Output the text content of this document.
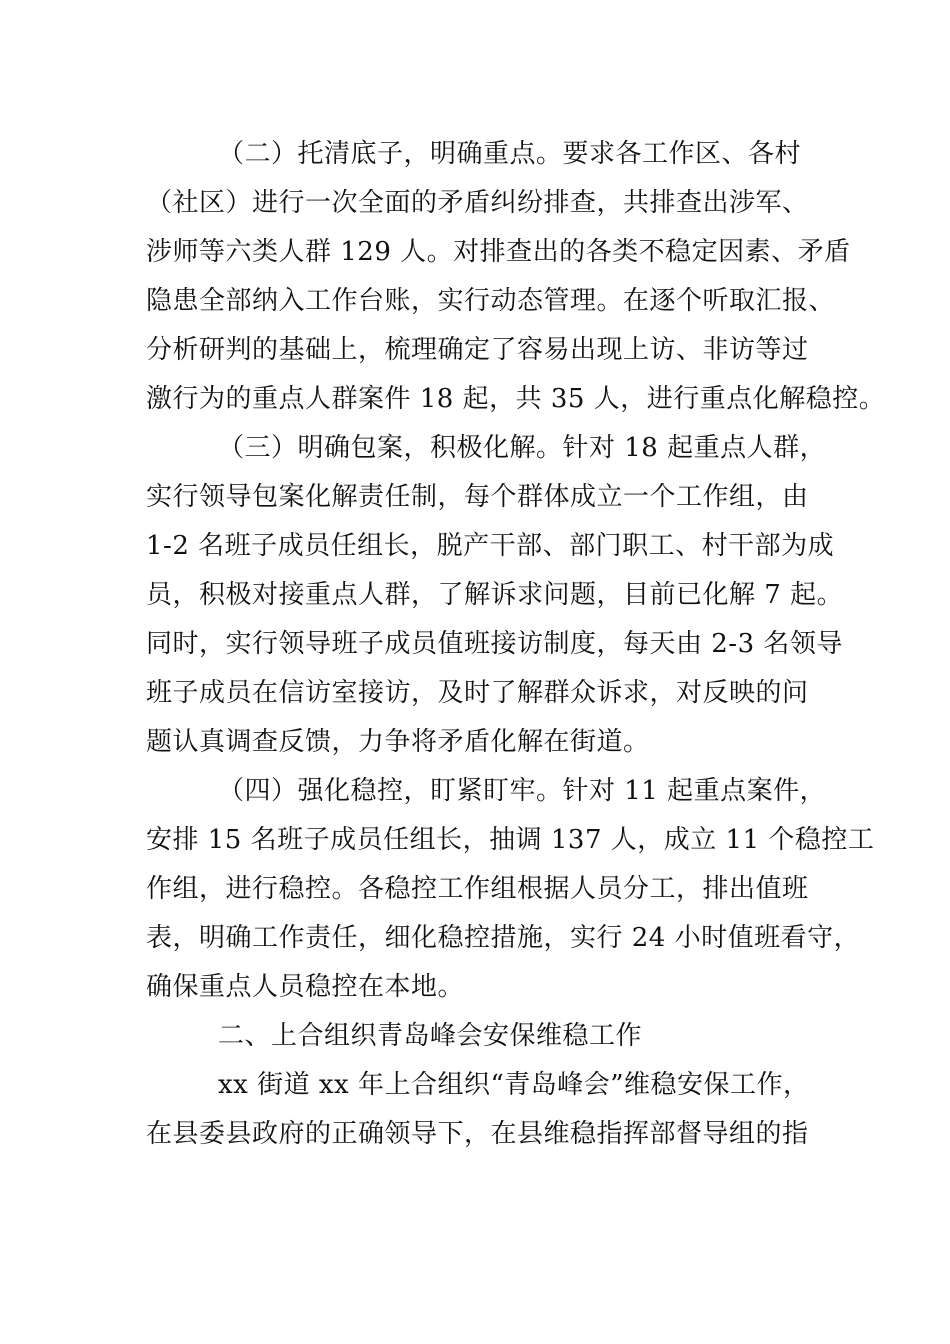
（二）托清底子，明确重点。要求各工作区、各村
（社区）进行一次全面的矛盾纠纷排查，共排查出涉军、
涉师等六类人群 129 人。对排查出的各类不稳定因素、矛盾
隐患全部纳入工作台账，实行动态管理。在逐个听取汇报、
分析研判的基础上，梳理确定了容易出现上访、非访等过
激行为的重点人群案件 18 起，共 35 人，进行重点化解稳控。
（三）明确包案，积极化解。针对 18 起重点人群，
实行领导包案化解责任制，每个群体成立一个工作组，由
1-2 名班子成员任组长，脱产干部、部门职工、村干部为成
员，积极对接重点人群，了解诉求问题，目前已化解 7 起。
同时，实行领导班子成员值班接访制度，每天由 2-3 名领导
班子成员在信访室接访，及时了解群众诉求，对反映的问
题认真调查反馈，力争将矛盾化解在街道。
（四）强化稳控，盯紧盯牢。针对 11 起重点案件，
安排 15 名班子成员任组长，抽调 137 人，成立 11 个稳控工
作组，进行稳控。各稳控工作组根据人员分工，排出值班
表，明确工作责任，细化稳控措施，实行 24 小时值班看守，
确保重点人员稳控在本地。
二、上合组织青岛峰会安保维稳工作
xx 街道 xx 年上合组织“青岛峰会”维稳安保工作，
在县委县政府的正确领导下，在县维稳指挥部督导组的指
